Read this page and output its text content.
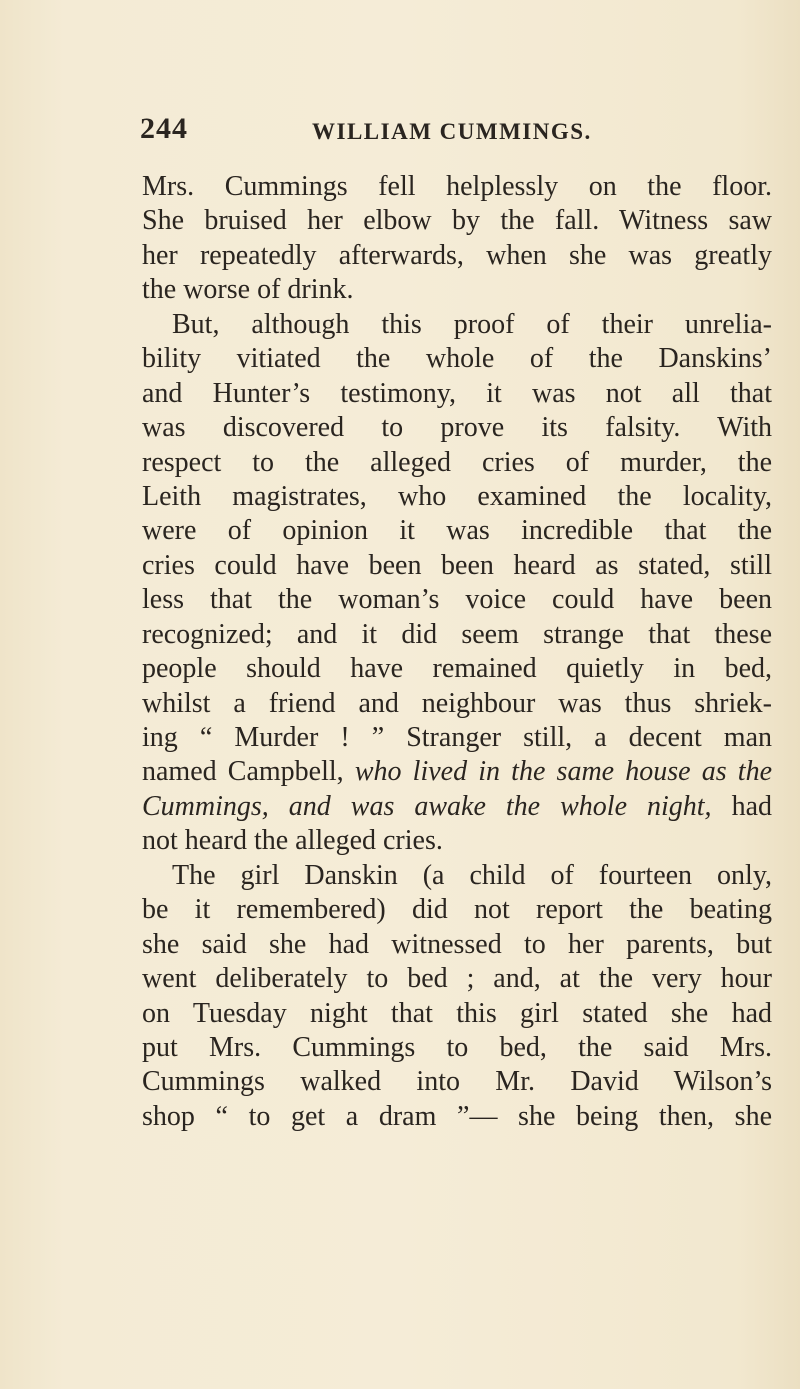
244	WILLIAM CUMMINGS.
Mrs. Cummings fell helplessly on the floor.
She bruised her elbow by the fall. Witness saw
her repeatedly afterwards, when she was greatly
the worse of drink.
But, although this proof of their unrelia-
bility vitiated the whole of the Danskins’
and Hunter’s testimony, it was not all that
was discovered to prove its falsity. With
respect to the alleged cries of murder, the
Leith magistrates, who examined the locality,
were of opinion it was incredible that the
cries could have been been heard as stated, still
less that the woman’s voice could have been
recognized; and it did seem strange that these
people should have remained quietly in bed,
whilst a friend and neighbour was thus shriek-
ing “ Murder ! ” Stranger still, a decent man
named Campbell, who lived in the same house as the
Cummings, and was awake the whole night, had
not heard the alleged cries.
The girl Danskin (a child of fourteen only,
be it remembered) did not report the beating
she said she had witnessed to her parents, but
went deliberately to bed ; and, at the very hour
on Tuesday night that this girl stated she had
put Mrs. Cummings to bed, the said Mrs.
Cummings walked into Mr. David Wilson’s
shop “ to get a dram ”— she being then, she
